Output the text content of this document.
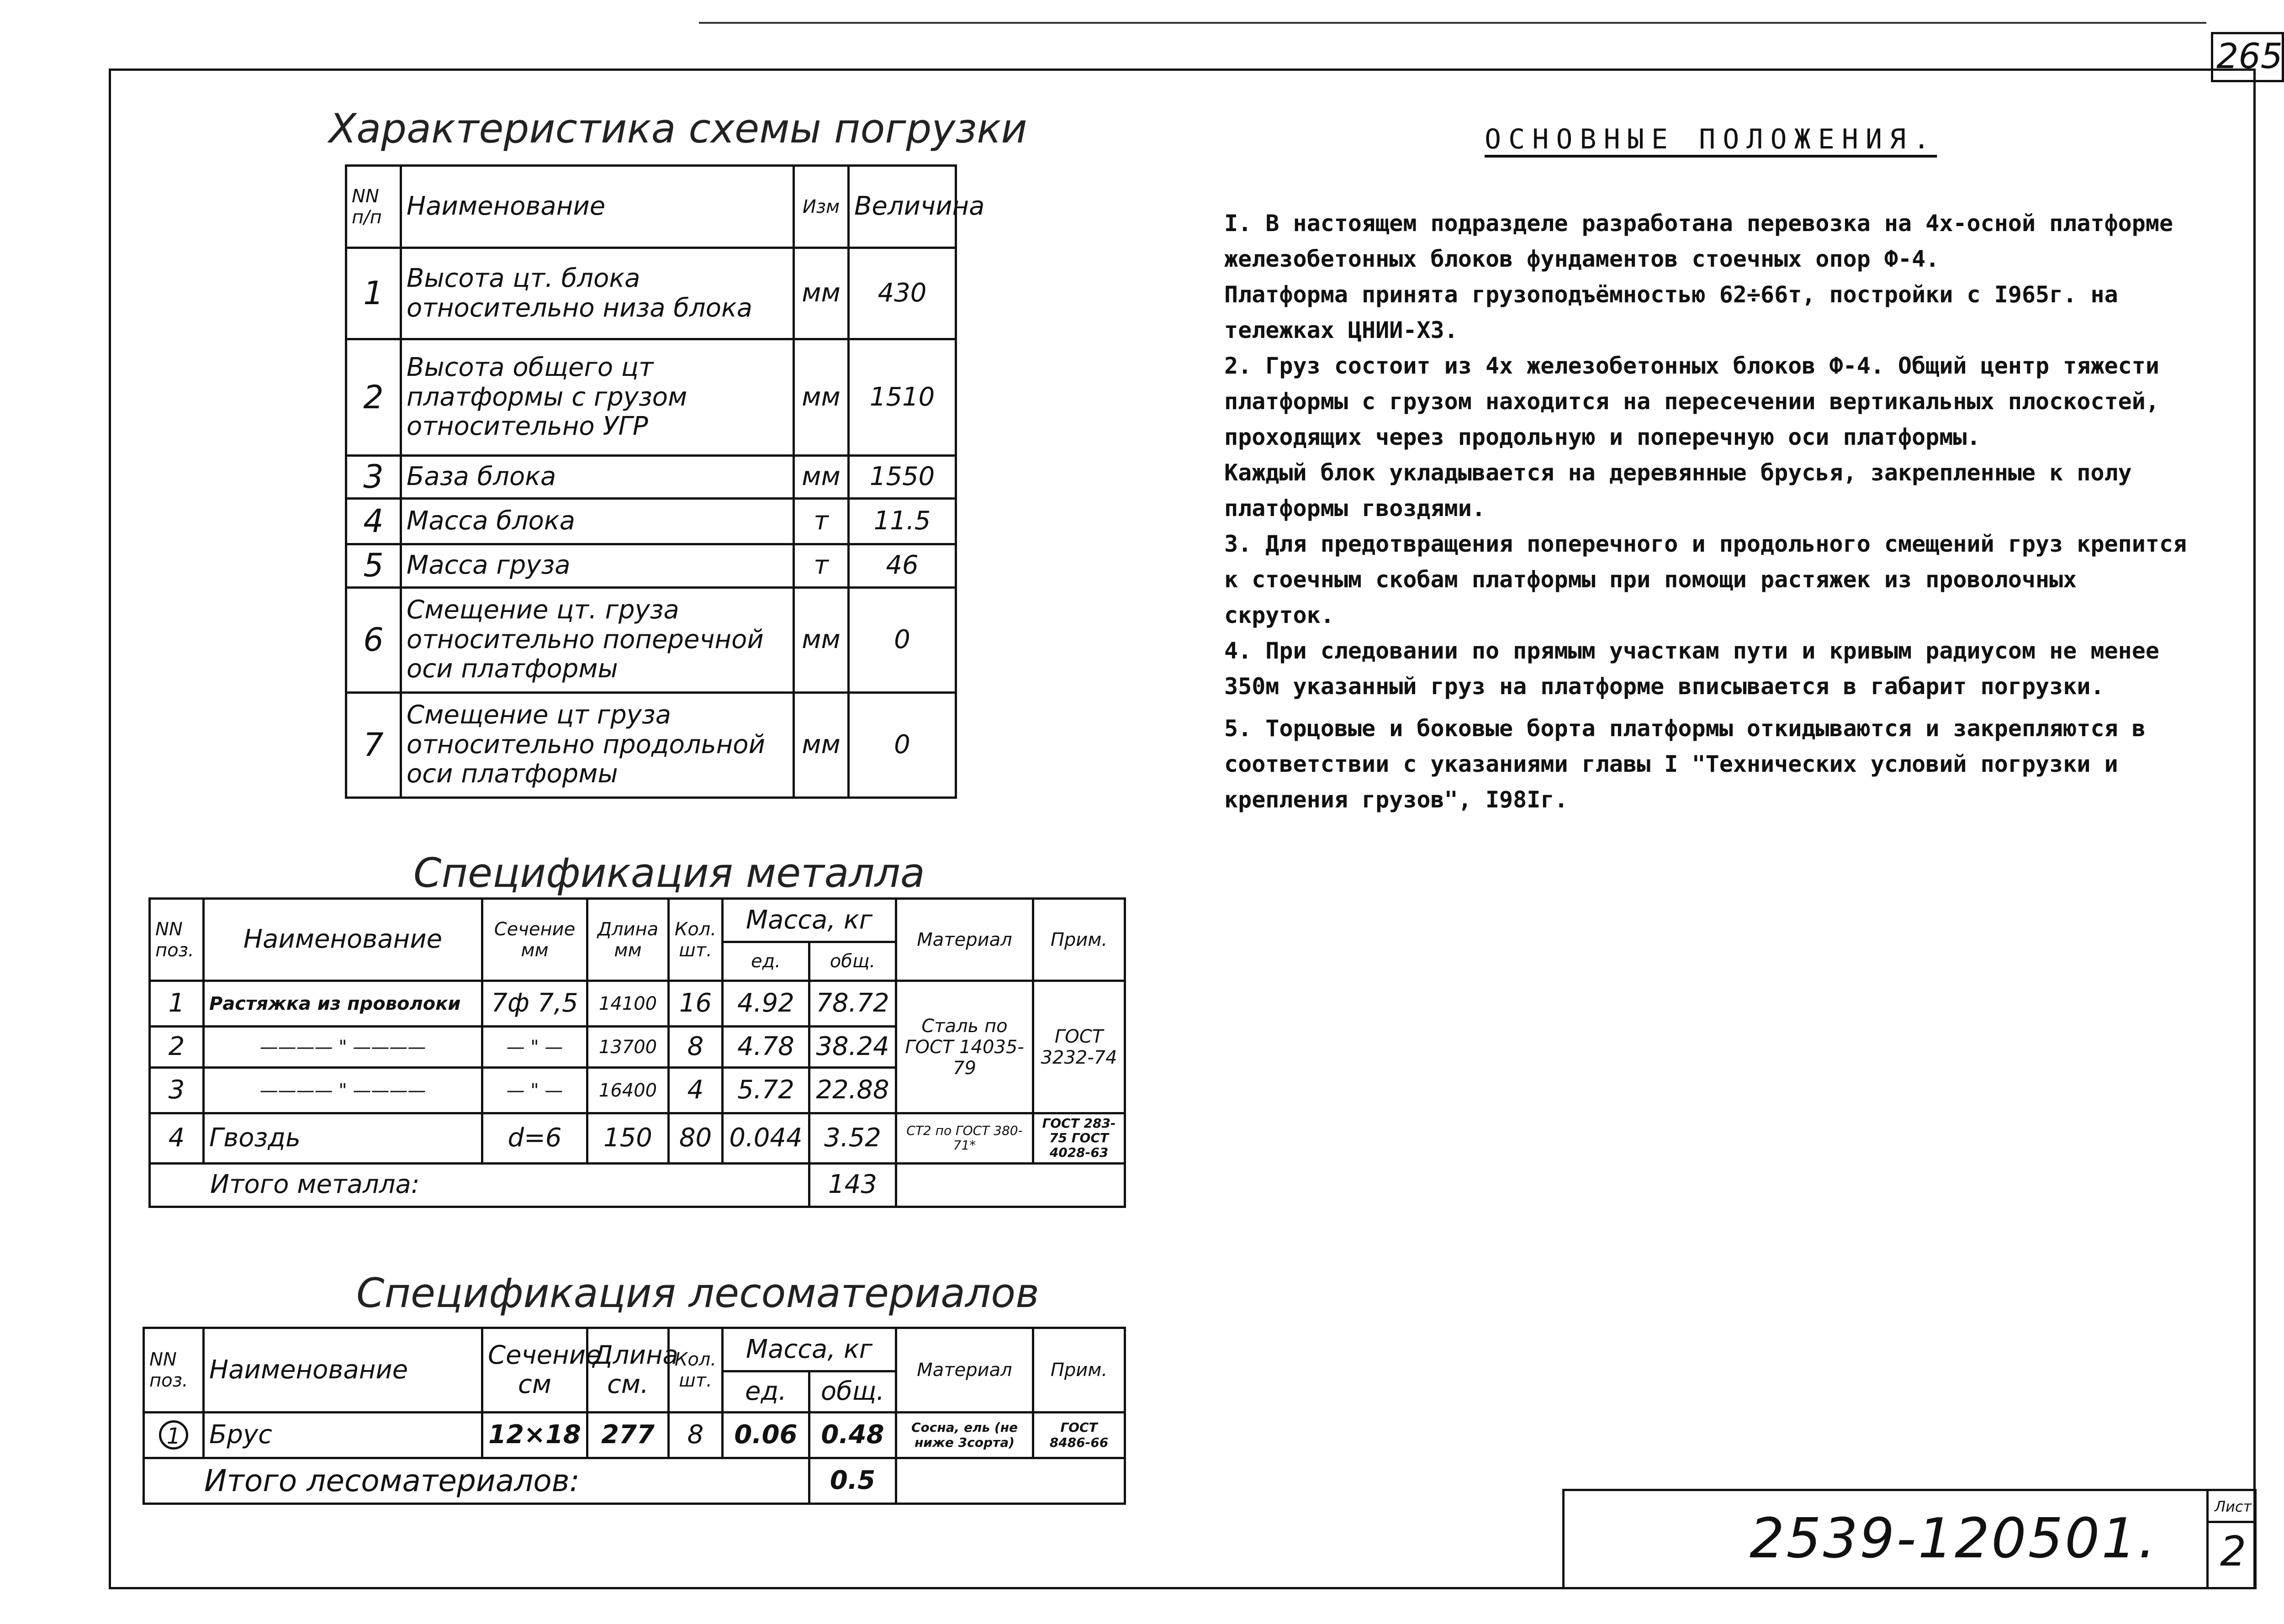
265
Характеристика схемы погрузки
NN п/п	Наименование	Изм	Величина
1	Высота цт. блока относительно низа блока	мм	430
2	Высота общего цт платформы с грузом относительно УГР	мм	1510
3	База блока	мм	1550
4	Масса блока	т	11.5
5	Масса груза	т	46
6	Смещение цт. груза относительно поперечной оси платформы	мм	0
7	Смещение цт груза относительно продольной оси платформы	мм	0
Спецификация металла
NN поз.	Наименование	Сечение мм	Длина мм	Кол. шт.	Масса, кг		Материал	Прим.
					ед.	общ.		
1	Растяжка из проволоки	7ф 7,5	14100	16	4.92	78.72	Сталь по ГОСТ 14035-79	ГОСТ 3232-74
2	———— " ————	— " —	13700	8	4.78	38.24		
3	———— " ————	— " —	16400	4	5.72	22.88		
4	Гвоздь	d=6	150	80	0.044	3.52	СТ2 по ГОСТ 380-71*	ГОСТ 283-75 ГОСТ 4028-63
Итого металла:						143		
Спецификация лесоматериалов
NN поз.	Наименование	Сечение см	Длина см.	Кол. шт.	Масса, кг		Материал	Прим.
					ед.	общ.		
1	Брус	12×18	277	8	0.06	0.48	Сосна, ель (не ниже 3сорта)	ГОСТ 8486-66
Итого лесоматериалов:						0.5		
ОСНОВНЫЕ ПОЛОЖЕНИЯ.

I. В настоящем подразделе разработана перевозка на 4х-осной платформе

железобетонных блоков фундаментов стоечных опор Ф-4.

Платформа принята грузоподъёмностью 62÷66т, постройки с I965г. на

тележках ЦНИИ-Х3.

2. Груз состоит из 4х железобетонных блоков Ф-4. Общий центр тяжести

платформы с грузом находится на пересечении вертикальных плоскостей,

проходящих через продольную и поперечную оси платформы.

Каждый блок укладывается на деревянные брусья, закрепленные к полу

платформы гвоздями.

3. Для предотвращения поперечного и продольного смещений груз крепится

к стоечным скобам платформы при помощи растяжек из проволочных

скруток.

4. При следовании по прямым участкам пути и кривым радиусом не менее

350м указанный груз на платформе вписывается в габарит погрузки.

5. Торцовые и боковые борта платформы откидываются и закрепляются в

соответствии с указаниями главы I "Технических условий погрузки и

крепления грузов", I98Iг.

2539-120501.
Лист
2
